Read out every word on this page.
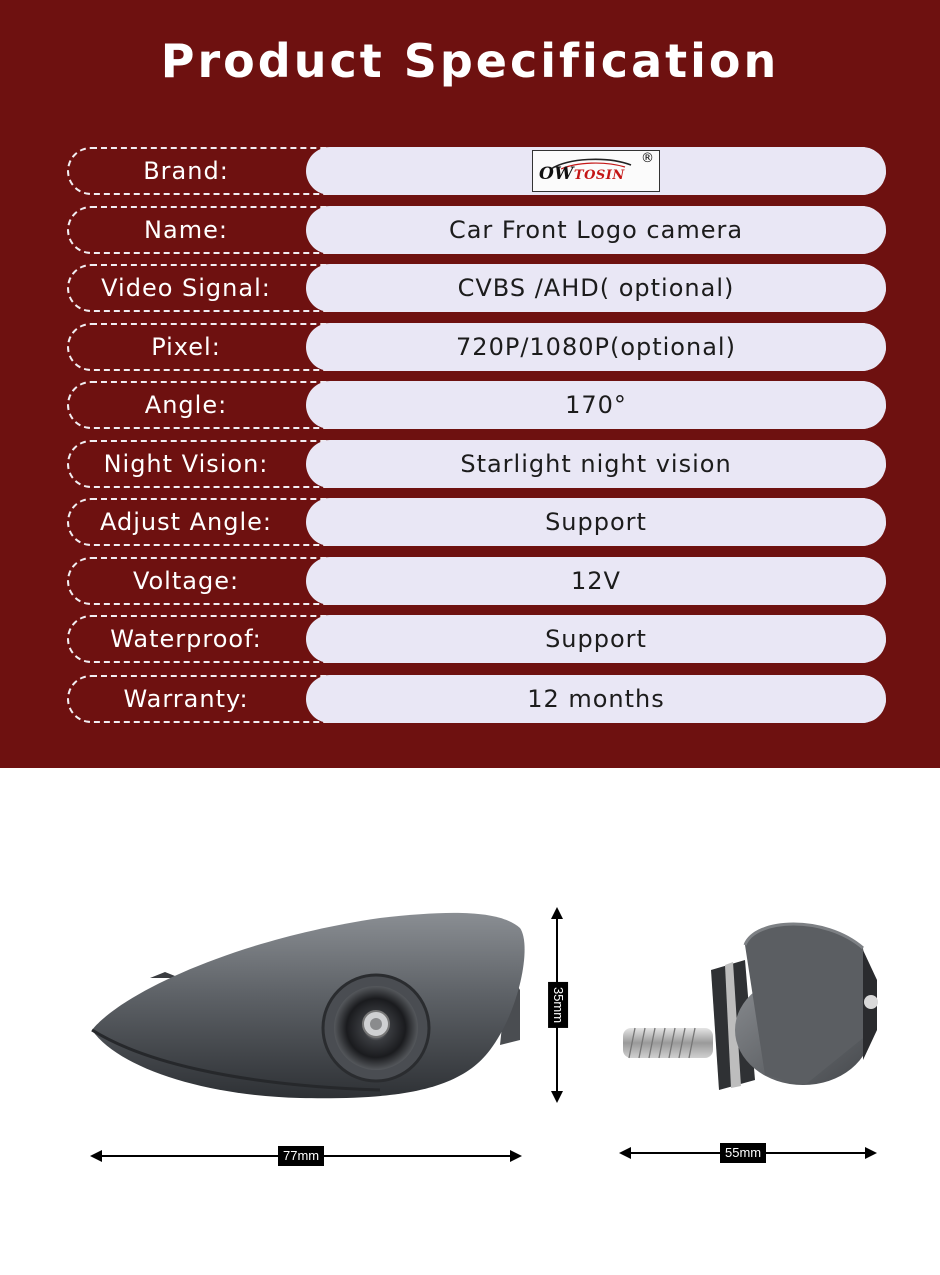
Product Specification
Brand:	OWTOSIN
®
Name:	Car Front Logo camera
Video Signal:	CVBS /AHD( optional)
Pixel:	720P/1080P(optional)
Angle:	170°
Night Vision:	Starlight night vision
Adjust Angle:	Support
Voltage:	12V
Waterproof:	Support
Warranty:	12 months
35mm
77mm	55mm
